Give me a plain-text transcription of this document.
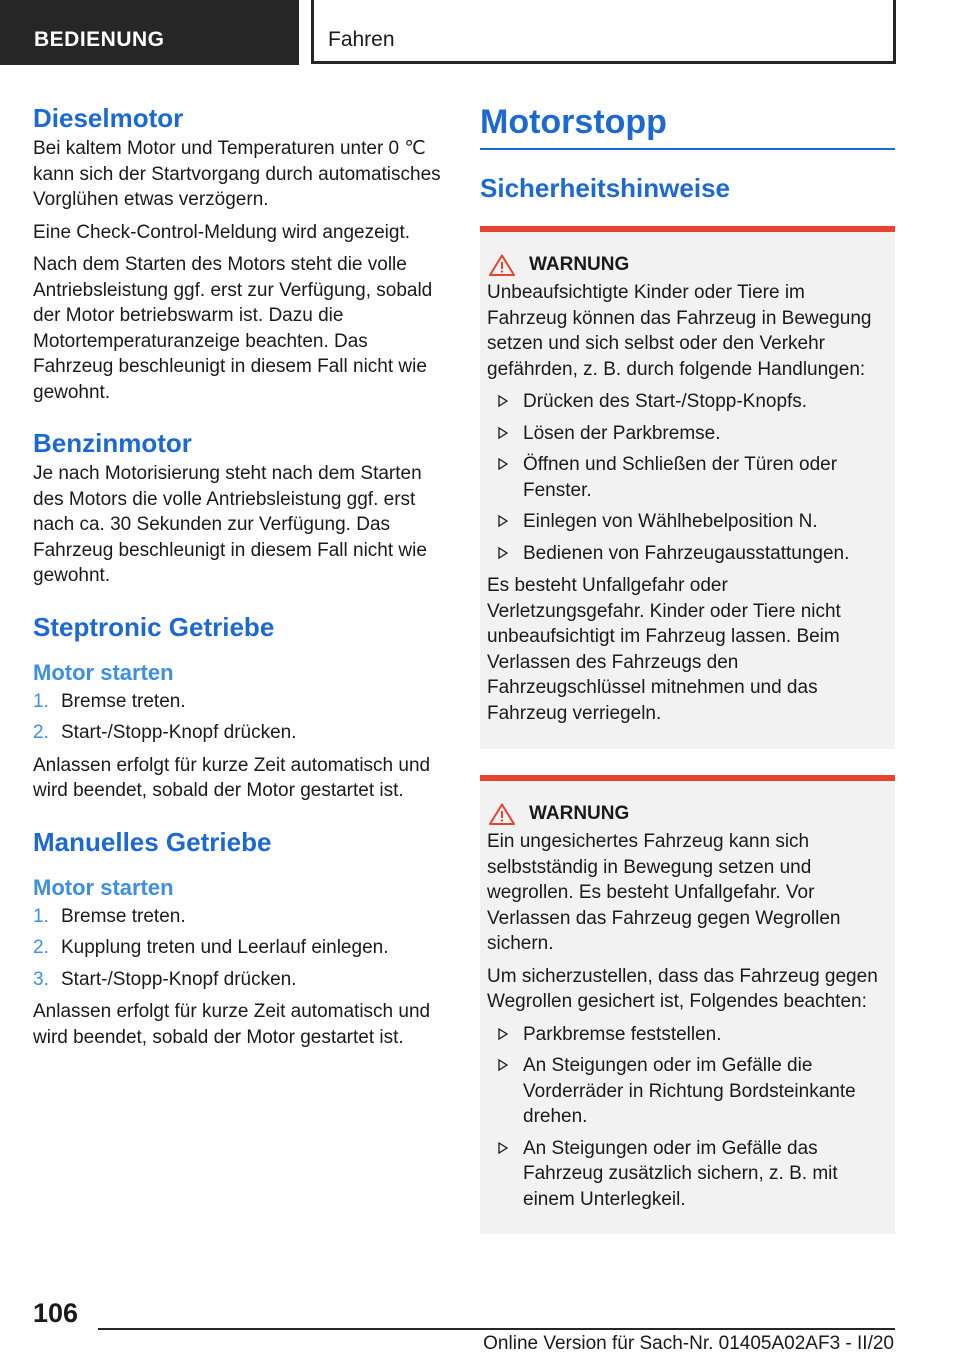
BEDIENUNG	Fahren
Dieselmotor

Bei kaltem Motor und Temperaturen unter 0 ℃ kann sich der Startvorgang durch automatisches Vorglühen etwas verzögern.

Eine Check-Control-Meldung wird angezeigt.

Nach dem Starten des Motors steht die volle Antriebsleistung ggf. erst zur Verfügung, sobald der Motor betriebswarm ist. Dazu die Motortemperaturanzeige beachten. Das Fahrzeug beschleunigt in diesem Fall nicht wie gewohnt.

Benzinmotor

Je nach Motorisierung steht nach dem Starten des Motors die volle Antriebsleistung ggf. erst nach ca. 30 Sekunden zur Verfügung. Das Fahrzeug beschleunigt in diesem Fall nicht wie gewohnt.

Steptronic Getriebe
Motor starten
1. Bremse treten.
2. Start-/Stopp-Knopf drücken.

Anlassen erfolgt für kurze Zeit automatisch und wird beendet, sobald der Motor gestartet ist.

Manuelles Getriebe
Motor starten
1. Bremse treten.
2. Kupplung treten und Leerlauf einlegen.
3. Start-/Stopp-Knopf drücken.

Anlassen erfolgt für kurze Zeit automatisch und wird beendet, sobald der Motor gestartet ist.

Motorstopp
Sicherheitshinweise
WARNUNG

Unbeaufsichtigte Kinder oder Tiere im Fahrzeug können das Fahrzeug in Bewegung setzen und sich selbst oder den Verkehr gefährden, z. B. durch folgende Handlungen:

Drücken des Start-/Stopp-Knopfs.
Lösen der Parkbremse.
Öffnen und Schließen der Türen oder Fenster.
Einlegen von Wählhebelposition N.
Bedienen von Fahrzeugausstattungen.

Es besteht Unfallgefahr oder Verletzungsgefahr. Kinder oder Tiere nicht unbeaufsichtigt im Fahrzeug lassen. Beim Verlassen des Fahrzeugs den Fahrzeugschlüssel mitnehmen und das Fahrzeug verriegeln.

WARNUNG

Ein ungesichertes Fahrzeug kann sich selbstständig in Bewegung setzen und wegrollen. Es besteht Unfallgefahr. Vor Verlassen das Fahrzeug gegen Wegrollen sichern.

Um sicherzustellen, dass das Fahrzeug gegen Wegrollen gesichert ist, Folgendes beachten:

Parkbremse feststellen.
An Steigungen oder im Gefälle die Vorderräder in Richtung Bordsteinkante drehen.
An Steigungen oder im Gefälle das Fahrzeug zusätzlich sichern, z. B. mit einem Unterlegkeil.
106
Online Version für Sach-Nr. 01405A02AF3 - II/20
